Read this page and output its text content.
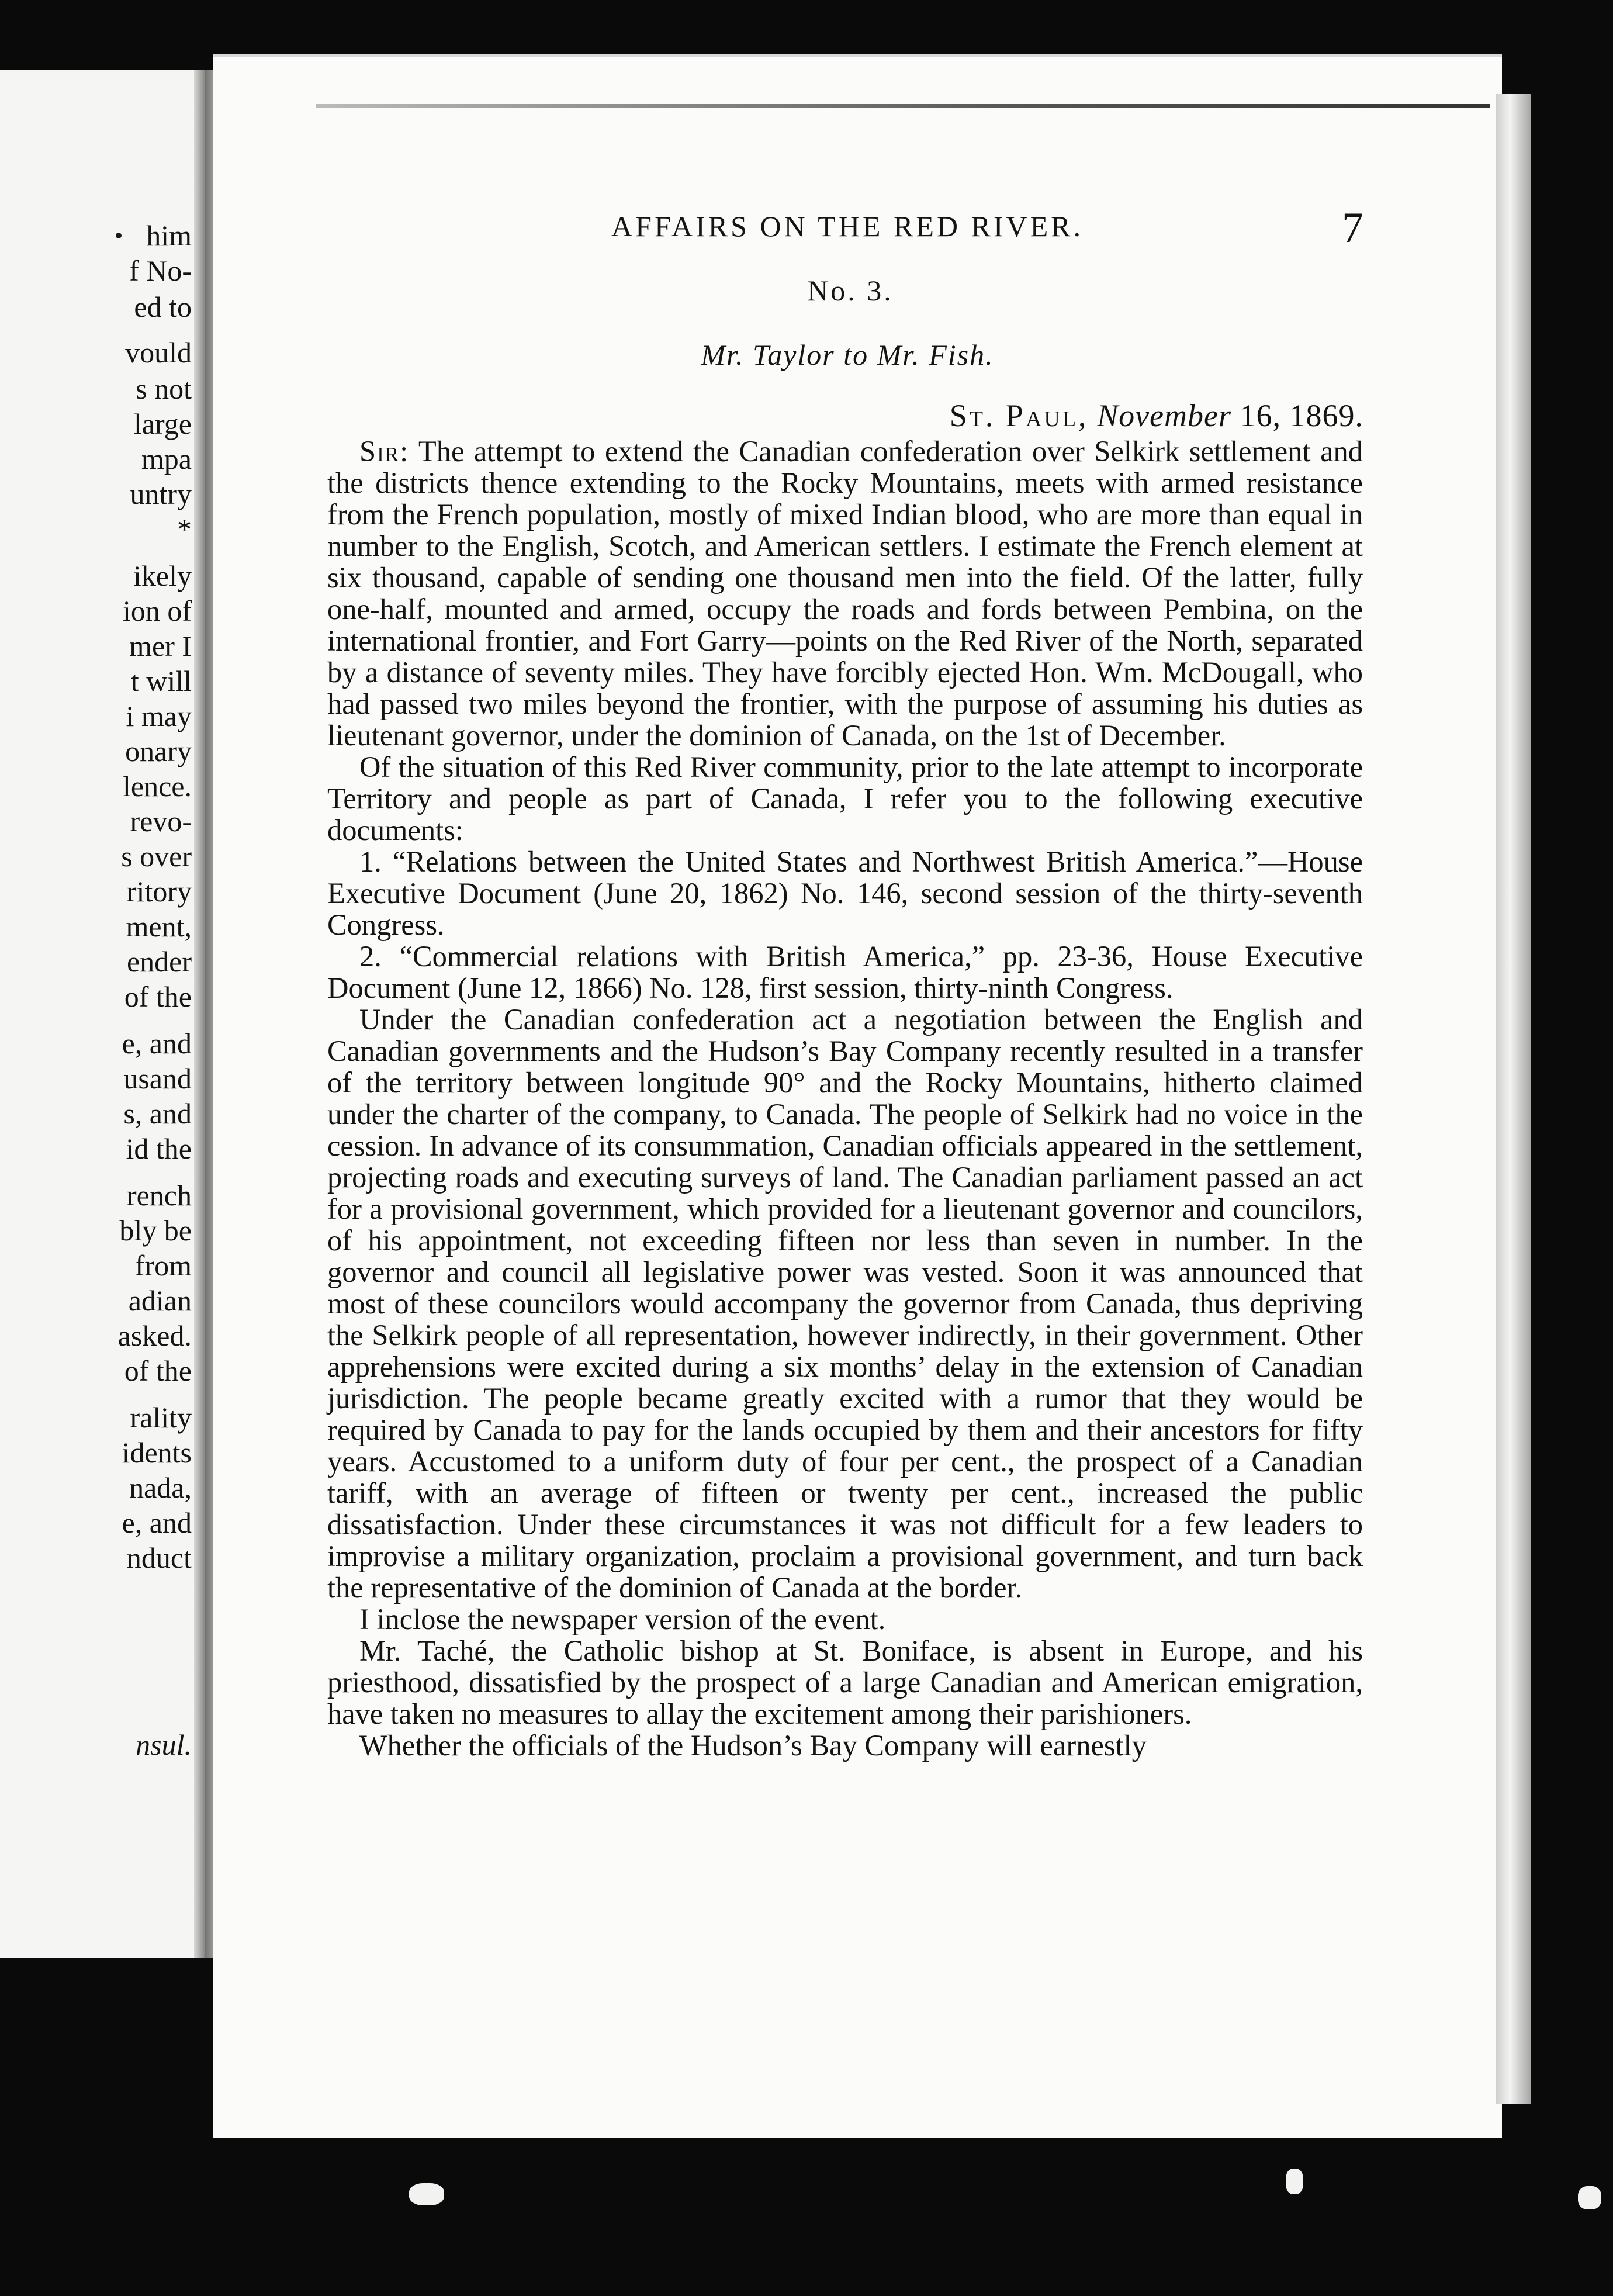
him
f No-
ed to
vould
s not
large
mpa
untry
*
ikely
ion of
mer I
t will
i may
onary
lence.
revo-
s over
ritory
ment,
ender
of the
e, and
usand
s, and
id the
rench
bly be
from
adian
asked.
of the
rality
idents
nada,
e, and
nduct
nsul.
AFFAIRS ON THE RED RIVER.	7
No. 3.
Mr. Taylor to Mr. Fish.
St. Paul, November 16, 1869.

Sir: The attempt to extend the Canadian confederation over Selkirk settlement and the districts thence extending to the Rocky Mountains, meets with armed resistance from the French population, mostly of mixed Indian blood, who are more than equal in number to the English, Scotch, and American settlers. I estimate the French element at six thousand, capable of sending one thousand men into the field. Of the latter, fully one-half, mounted and armed, occupy the roads and fords between Pembina, on the international frontier, and Fort Garry—points on the Red River of the North, separated by a distance of seventy miles. They have forcibly ejected Hon. Wm. McDougall, who had passed two miles beyond the frontier, with the purpose of assuming his duties as lieutenant governor, under the dominion of Canada, on the 1st of December.

Of the situation of this Red River community, prior to the late attempt to incorporate Territory and people as part of Canada, I refer you to the following executive documents:

1. “Relations between the United States and Northwest British America.”—House Executive Document (June 20, 1862) No. 146, second session of the thirty-seventh Congress.

2. “Commercial relations with British America,” pp. 23-36, House Executive Document (June 12, 1866) No. 128, first session, thirty-ninth Congress.

Under the Canadian confederation act a negotiation between the English and Canadian governments and the Hudson’s Bay Company recently resulted in a transfer of the territory between longitude 90° and the Rocky Mountains, hitherto claimed under the charter of the company, to Canada. The people of Selkirk had no voice in the cession. In advance of its consummation, Canadian officials appeared in the settlement, projecting roads and executing surveys of land. The Canadian parliament passed an act for a provisional government, which provided for a lieutenant governor and councilors, of his appointment, not exceeding fifteen nor less than seven in number. In the governor and council all legislative power was vested. Soon it was announced that most of these councilors would accompany the governor from Canada, thus depriving the Selkirk people of all representation, however indirectly, in their government. Other apprehensions were excited during a six months’ delay in the extension of Canadian jurisdiction. The people became greatly excited with a rumor that they would be required by Canada to pay for the lands occupied by them and their ancestors for fifty years. Accustomed to a uniform duty of four per cent., the prospect of a Canadian tariff, with an average of fifteen or twenty per cent., increased the public dissatisfaction. Under these circumstances it was not difficult for a few leaders to improvise a military organization, proclaim a provisional government, and turn back the representative of the dominion of Canada at the border.

I inclose the newspaper version of the event.

Mr. Taché, the Catholic bishop at St. Boniface, is absent in Europe, and his priesthood, dissatisfied by the prospect of a large Canadian and American emigration, have taken no measures to allay the excitement among their parishioners.

Whether the officials of the Hudson’s Bay Company will earnestly
